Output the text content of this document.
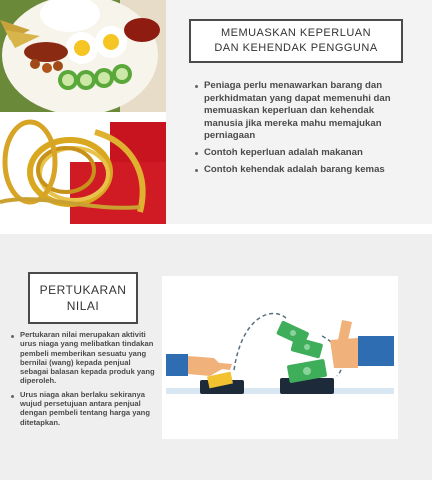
MEMUASKAN KEPERLUAN
DAN KEHENDAK PENGGUNA
Peniaga perlu menawarkan barang dan perkhidmatan yang dapat memenuhi dan memuaskan keperluan dan kehendak manusia jika mereka mahu memajukan perniagaan
Contoh keperluan adalah makanan
Contoh kehendak adalah barang kemas
PERTUKARAN
NILAI
Pertukaran nilai merupakan aktiviti urus niaga yang melibatkan tindakan pembeli memberikan sesuatu yang bernilai (wang) kepada penjual sebagai balasan kepada produk yang diperoleh.
Urus niaga akan berlaku sekiranya wujud persetujuan antara penjual dengan pembeli tentang harga yang ditetapkan.
